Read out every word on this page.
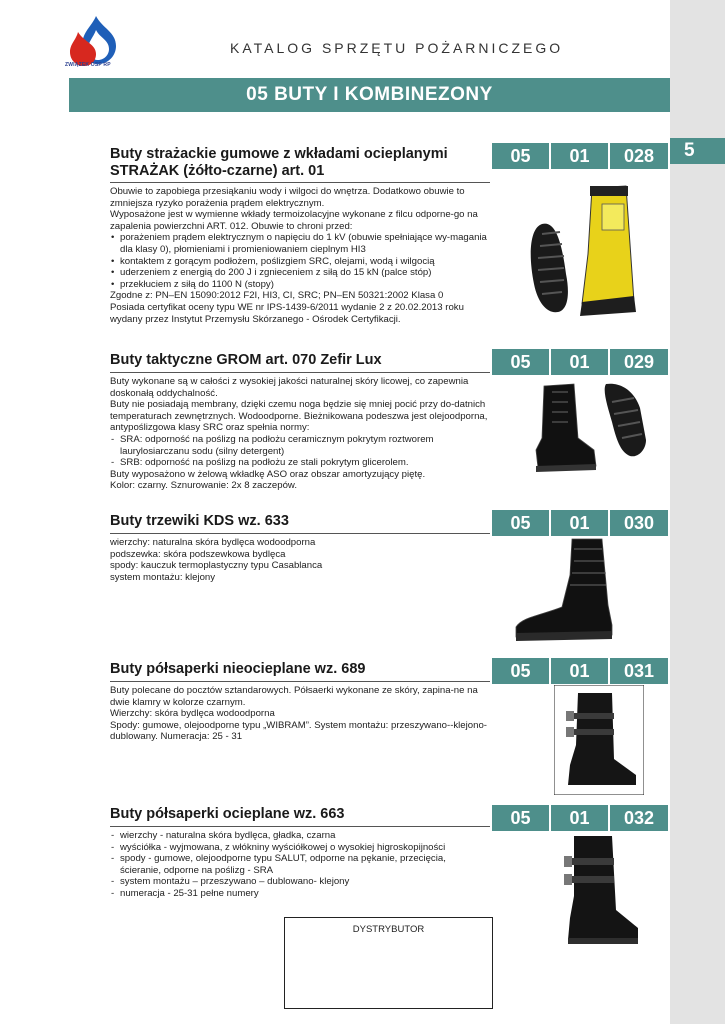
5
ZWIĄZEK OSP RP
KATALOG SPRZĘTU POŻARNICZEGO
05 BUTY I KOMBINEZONY
Buty strażackie gumowe z wkładami ocieplanymi
STRAŻAK (żółto-czarne) art. 01
05	01	028

Obuwie to zapobiega przesiąkaniu wody i wilgoci do wnętrza. Dodatkowo obuwie to zmniejsza ryzyko porażenia prądem elektrycznym.

Wyposażone jest w wymienne wkłady termoizolacyjne wykonane z filcu odporne-go na zapalenia powierzchni ART. 012. Obuwie to chroni przed:

• porażeniem prądem elektrycznym o napięciu do 1 kV (obuwie spełniające wy-magania dla klasy 0), płomieniami i promieniowaniem cieplnym HI3
• kontaktem z gorącym podłożem, poślizgiem SRC, olejami, wodą i wilgocią
• uderzeniem z energią do 200 J i zgnieceniem z siłą do 15 kN (palce stóp)
• przekłuciem z siłą do 1100 N (stopy)

Zgodne z: PN–EN 15090:2012 F2I, HI3, CI, SRC; PN–EN 50321:2002 Klasa 0

Posiada certyfikat oceny typu WE nr IPS-1439-6/2011 wydanie 2 z 20.02.2013 roku wydany przez Instytut Przemysłu Skórzanego - Ośrodek Certyfikacji.

Buty taktyczne GROM art. 070 Zefir Lux	05	01	029

Buty wykonane są w całości z wysokiej jakości naturalnej skóry licowej, co zapewnia doskonałą oddychalność.

Buty nie posiadają membrany, dzięki czemu noga będzie się mniej pocić przy do-datnich temperaturach zewnętrznych. Wodoodporne. Bieżnikowana podeszwa jest olejoodporna, antypoślizgowa klasy SRC oraz spełnia normy:

- SRA: odporność na poślizg na podłożu ceramicznym pokrytym roztworem laurylosiarczanu sodu (silny detergent)
- SRB: odporność na poślizg na podłożu ze stali pokrytym glicerolem.

Buty wyposażono w żelową wkładkę ASO oraz obszar amortyzujący piętę.

Kolor: czarny. Sznurowanie: 2x 8 zaczepów.

Buty trzewiki KDS wz. 633	05	01	030

wierzchy: naturalna skóra bydlęca wodoodporna

podszewka: skóra podszewkowa bydlęca

spody: kauczuk termoplastyczny typu Casablanca

system montażu: klejony

Buty półsaperki nieocieplane wz. 689	05	01	031

Buty polecane do pocztów sztandarowych. Półsaerki wykonane ze skóry, zapina-ne na dwie klamry w kolorze czarnym.

Wierzchy: skóra bydlęca wodoodporna

Spody: gumowe, olejoodporne typu „WIBRAM”. System montażu: przeszywano--klejono-dublowany. Numeracja: 25 - 31

Buty półsaperki ocieplane wz. 663	05	01	032
- wierzchy - naturalna skóra bydlęca, gładka, czarna
- wyściółka - wyjmowana, z włókniny wyściółkowej o wysokiej higroskopijności
- spody - gumowe, olejoodporne typu SALUT, odporne na pękanie, przecięcia, ścieranie, odporne na poślizg - SRA
- system montażu – przeszywano – dublowano- klejony
- numeracja - 25-31 pełne numery
DYSTRYBUTOR
